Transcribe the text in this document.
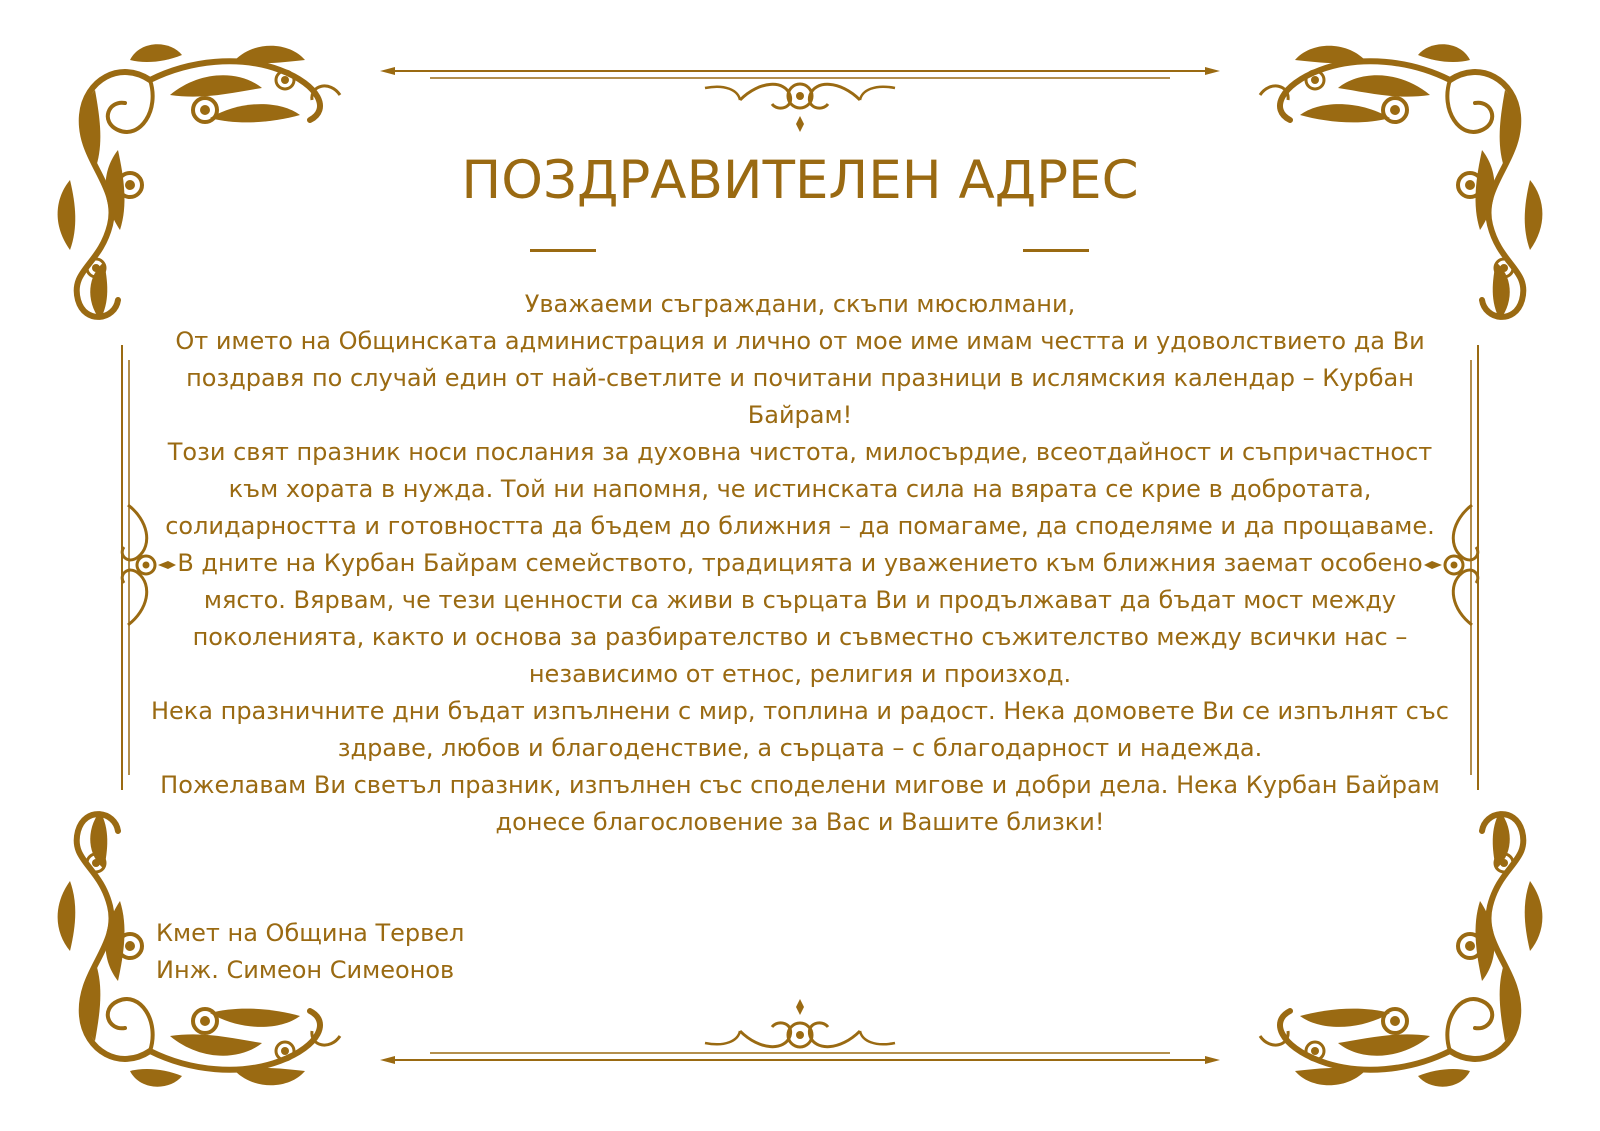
ПОЗДРАВИТЕЛЕН АДРЕС

Уважаеми съграждани, скъпи мюсюлмани,

От името на Общинската администрация и лично от мое име имам честта и удоволствието да Ви поздравя по случай един от най-светлите и почитани празници в ислямския календар – Курбан Байрам!

Този свят празник носи послания за духовна чистота, милосърдие, всеотдайност и съпричастност към хората в нужда. Той ни напомня, че истинската сила на вярата се крие в добротата, солидарността и готовността да бъдем до ближния – да помагаме, да споделяме и да прощаваме.

В дните на Курбан Байрам семейството, традицията и уважението към ближния заемат особено място. Вярвам, че тези ценности са живи в сърцата Ви и продължават да бъдат мост между поколенията, както и основа за разбирателство и съвместно съжителство между всички нас – независимо от етнос, религия и произход.

Нека празничните дни бъдат изпълнени с мир, топлина и радост. Нека домовете Ви се изпълнят със здраве, любов и благоденствие, а сърцата – с благодарност и надежда.

Пожелавам Ви светъл празник, изпълнен със споделени мигове и добри дела. Нека Курбан Байрам донесе благословение за Вас и Вашите близки!

Кмет на Община Тервел
Инж. Симеон Симеонов
